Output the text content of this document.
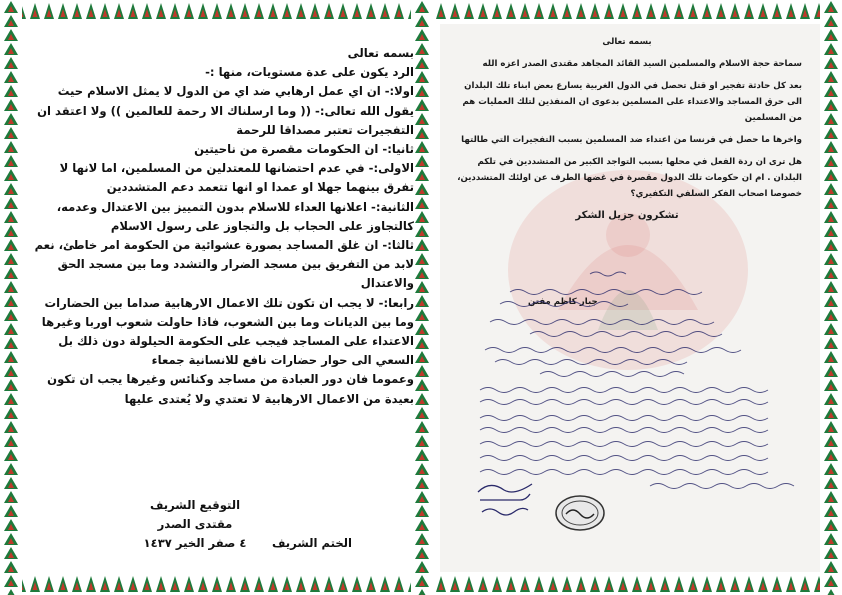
بسمه تعالى

الرد يكون على عدة مستويات، منها :-

اولا:- ان اي عمل ارهابي ضد اي من الدول لا يمثل الاسلام حيث يقول الله تعالى:- (( وما ارسلناك الا رحمة للعالمين )) ولا اعتقد ان التفجيرات تعتبر مصداقا للرحمة

ثانيا:- ان الحكومات مقصرة من ناحيتين

الاولى:- في عدم احتضانها للمعتدلين من المسلمين، اما لانها لا تفرق بينهما جهلا او عمدا او انها تتعمد دعم المتشددين

الثانية:- اعلانها العداء للاسلام بدون التمييز بين الاعتدال وعدمه، كالتجاوز على الحجاب بل والتجاوز على رسول الاسلام

ثالثا:- ان غلق المساجد بصورة عشوائية من الحكومة امر خاطئ، نعم لابد من التفريق بين مسجد الضرار والتشدد وما بين مسجد الحق والاعتدال

رابعا:- لا يجب ان تكون تلك الاعمال الارهابية صداما بين الحضارات وما بين الديانات وما بين الشعوب، فاذا حاولت شعوب اوربا وغيرها الاعتداء على المساجد فيجب على الحكومة الحيلولة دون ذلك بل السعي الى حوار حضارات نافع للانسانية جمعاء

وعموما فان دور العبادة من مساجد وكنائس وغيرها يجب ان تكون بعيدة من الاعمال الارهابية لا تعتدي ولا يُعتدى عليها

التوقيع الشريف
مقتدى الصدر
٤ صفر الخير ١٤٣٧	الختم الشريف

بسمه تعالى

سماحة حجة الاسلام والمسلمين السيد القائد المجاهد مقتدى الصدر اعزه الله

بعد كل حادثة تفجير او قتل تحصل في الدول الغربية يسارع بعض ابناء تلك البلدان الى حرق المساجد والاعتداء على المسلمين بدعوى ان المنفذين لتلك العمليات هم من المسلمين

واخرها ما حصل في فرنسا من اعتداء ضد المسلمين بسبب التفجيرات التي طالتها

هل ترى ان ردة الفعل في محلها بسبب التواجد الكبير من المتشددين في تلكم البلدان . ام ان حكومات تلك الدول مقصرة في غضها الطرف عن اولئك المتشددين، خصوصا اصحاب الفكر السلفي التكفيري؟

تشكرون جزيل الشكر

جبار كاظم مفتن
